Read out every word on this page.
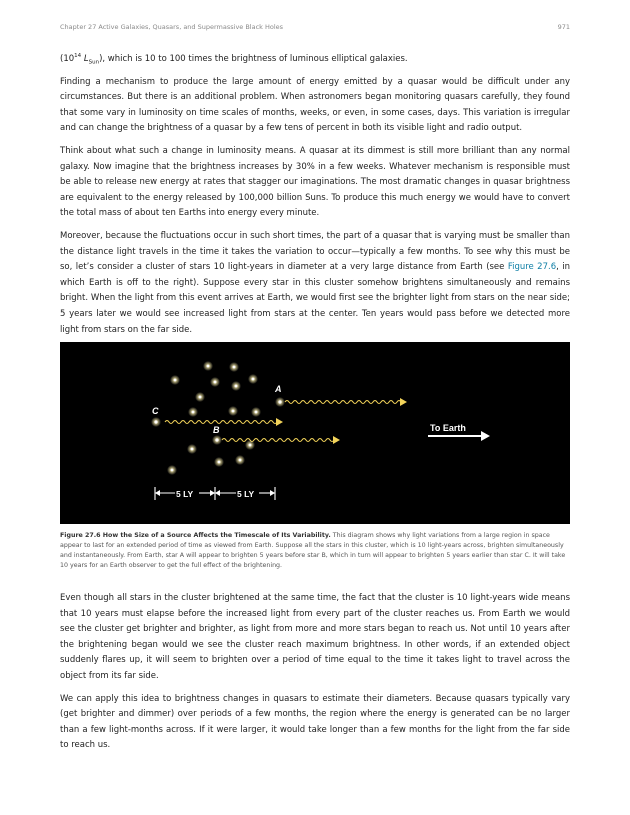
Chapter 27 Active Galaxies, Quasars, and Supermassive Black Holes	971

($10^{14}$ $L_{Sun}$), which is 10 to 100 times the brightness of luminous elliptical galaxies.

Finding a mechanism to produce the large amount of energy emitted by a quasar would be difficult under any circumstances. But there is an additional problem. When astronomers began monitoring quasars carefully, they found that some vary in luminosity on time scales of months, weeks, or even, in some cases, days. This variation is irregular and can change the brightness of a quasar by a few tens of percent in both its visible light and radio output.

Think about what such a change in luminosity means. A quasar at its dimmest is still more brilliant than any normal galaxy. Now imagine that the brightness increases by 30% in a few weeks. Whatever mechanism is responsible must be able to release new energy at rates that stagger our imaginations. The most dramatic changes in quasar brightness are equivalent to the energy released by 100,000 billion Suns. To produce this much energy we would have to convert the total mass of about ten Earths into energy every minute.

Moreover, because the fluctuations occur in such short times, the part of a quasar that is varying must be smaller than the distance light travels in the time it takes the variation to occur—typically a few months. To see why this must be so, let’s consider a cluster of stars 10 light-years in diameter at a very large distance from Earth (see Figure 27.6, in which Earth is off to the right). Suppose every star in this cluster somehow brightens simultaneously and remains bright. When the light from this event arrives at Earth, we would first see the brighter light from stars on the near side; 5 years later we would see increased light from stars at the center. Ten years would pass before we detected more light from stars on the far side.

To Earth
A
C
B
5 LY	5 LY
Figure 27.6 How the Size of a Source Affects the Timescale of Its Variability. This diagram shows why light variations from a large region in space appear to last for an extended period of time as viewed from Earth. Suppose all the stars in this cluster, which is 10 light-years across, brighten simultaneously and instantaneously. From Earth, star A will appear to brighten 5 years before star B, which in turn will appear to brighten 5 years earlier than star C. It will take 10 years for an Earth observer to get the full effect of the brightening.

Even though all stars in the cluster brightened at the same time, the fact that the cluster is 10 light-years wide means that 10 years must elapse before the increased light from every part of the cluster reaches us. From Earth we would see the cluster get brighter and brighter, as light from more and more stars began to reach us. Not until 10 years after the brightening began would we see the cluster reach maximum brightness. In other words, if an extended object suddenly flares up, it will seem to brighten over a period of time equal to the time it takes light to travel across the object from its far side.

We can apply this idea to brightness changes in quasars to estimate their diameters. Because quasars typically vary (get brighter and dimmer) over periods of a few months, the region where the energy is generated can be no larger than a few light-months across. If it were larger, it would take longer than a few months for the light from the far side to reach us.
